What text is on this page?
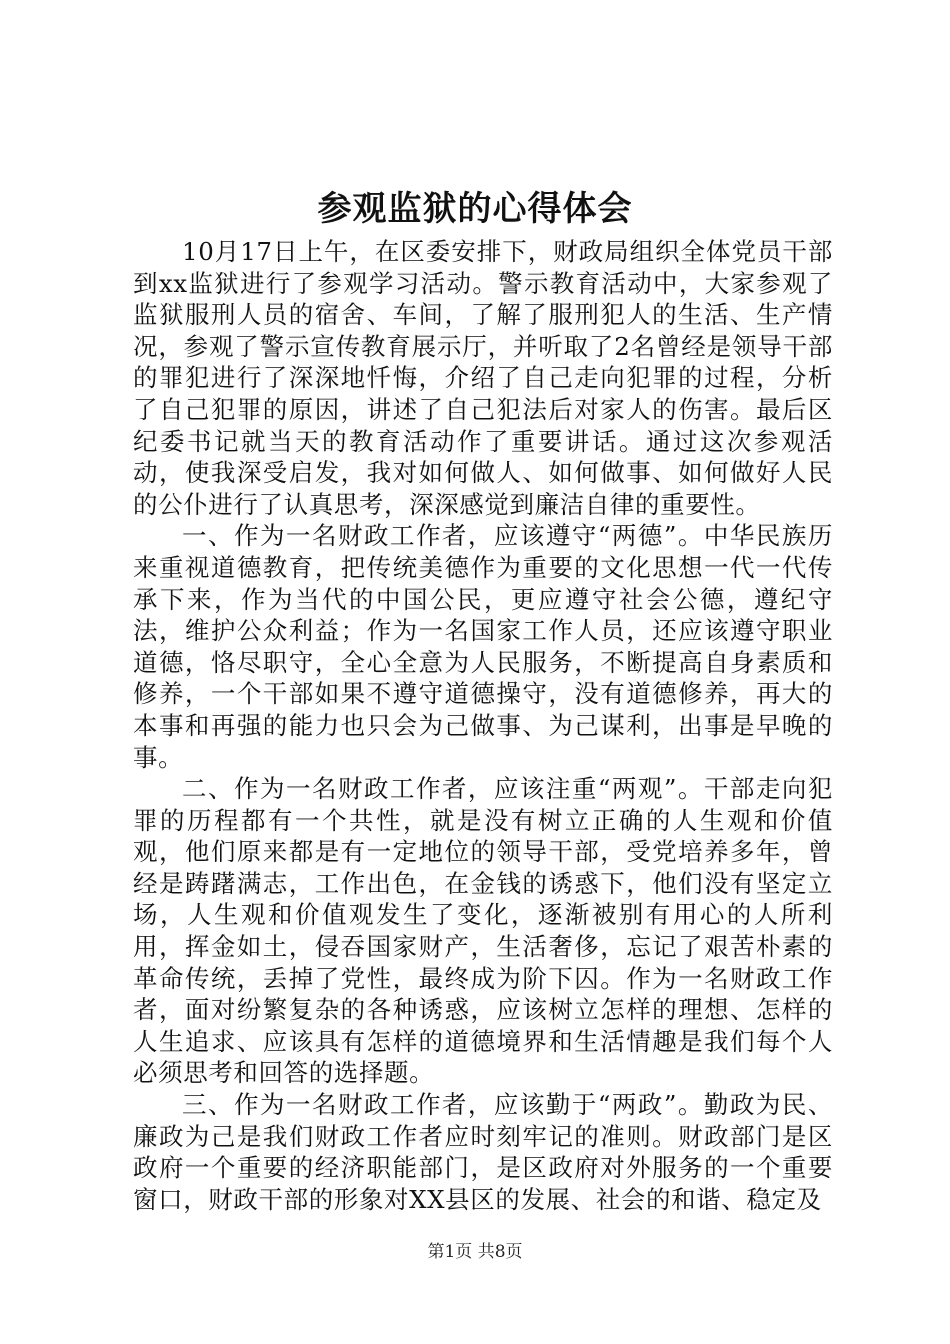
参观监狱的心得体会

10月17日上午，在区委安排下，财政局组织全体党员干部到xx监狱进行了参观学习活动。警示教育活动中，大家参观了监狱服刑人员的宿舍、车间，了解了服刑犯人的生活、生产情况，参观了警示宣传教育展示厅，并听取了2名曾经是领导干部的罪犯进行了深深地忏悔，介绍了自己走向犯罪的过程，分析了自己犯罪的原因，讲述了自己犯法后对家人的伤害。最后区纪委书记就当天的教育活动作了重要讲话。通过这次参观活动，使我深受启发，我对如何做人、如何做事、如何做好人民的公仆进行了认真思考，深深感觉到廉洁自律的重要性。

一、作为一名财政工作者，应该遵守“两德”。中华民族历来重视道德教育，把传统美德作为重要的文化思想一代一代传承下来，作为当代的中国公民，更应遵守社会公德，遵纪守法，维护公众利益；作为一名国家工作人员，还应该遵守职业道德，恪尽职守，全心全意为人民服务，不断提高自身素质和修养，一个干部如果不遵守道德操守，没有道德修养，再大的本事和再强的能力也只会为己做事、为己谋利，出事是早晚的事。

二、作为一名财政工作者，应该注重“两观”。干部走向犯罪的历程都有一个共性，就是没有树立正确的人生观和价值观，他们原来都是有一定地位的领导干部，受党培养多年，曾经是踌躇满志，工作出色，在金钱的诱惑下，他们没有坚定立场，人生观和价值观发生了变化，逐渐被别有用心的人所利用，挥金如土，侵吞国家财产，生活奢侈，忘记了艰苦朴素的革命传统，丢掉了党性，最终成为阶下囚。作为一名财政工作者，面对纷繁复杂的各种诱惑，应该树立怎样的理想、怎样的人生追求、应该具有怎样的道德境界和生活情趣是我们每个人必须思考和回答的选择题。

三、作为一名财政工作者，应该勤于“两政”。勤政为民、廉政为己是我们财政工作者应时刻牢记的准则。财政部门是区政府一个重要的经济职能部门，是区政府对外服务的一个重要窗口，财政干部的形象对XX县区的发展、社会的和谐、稳定及

第1页 共8页
